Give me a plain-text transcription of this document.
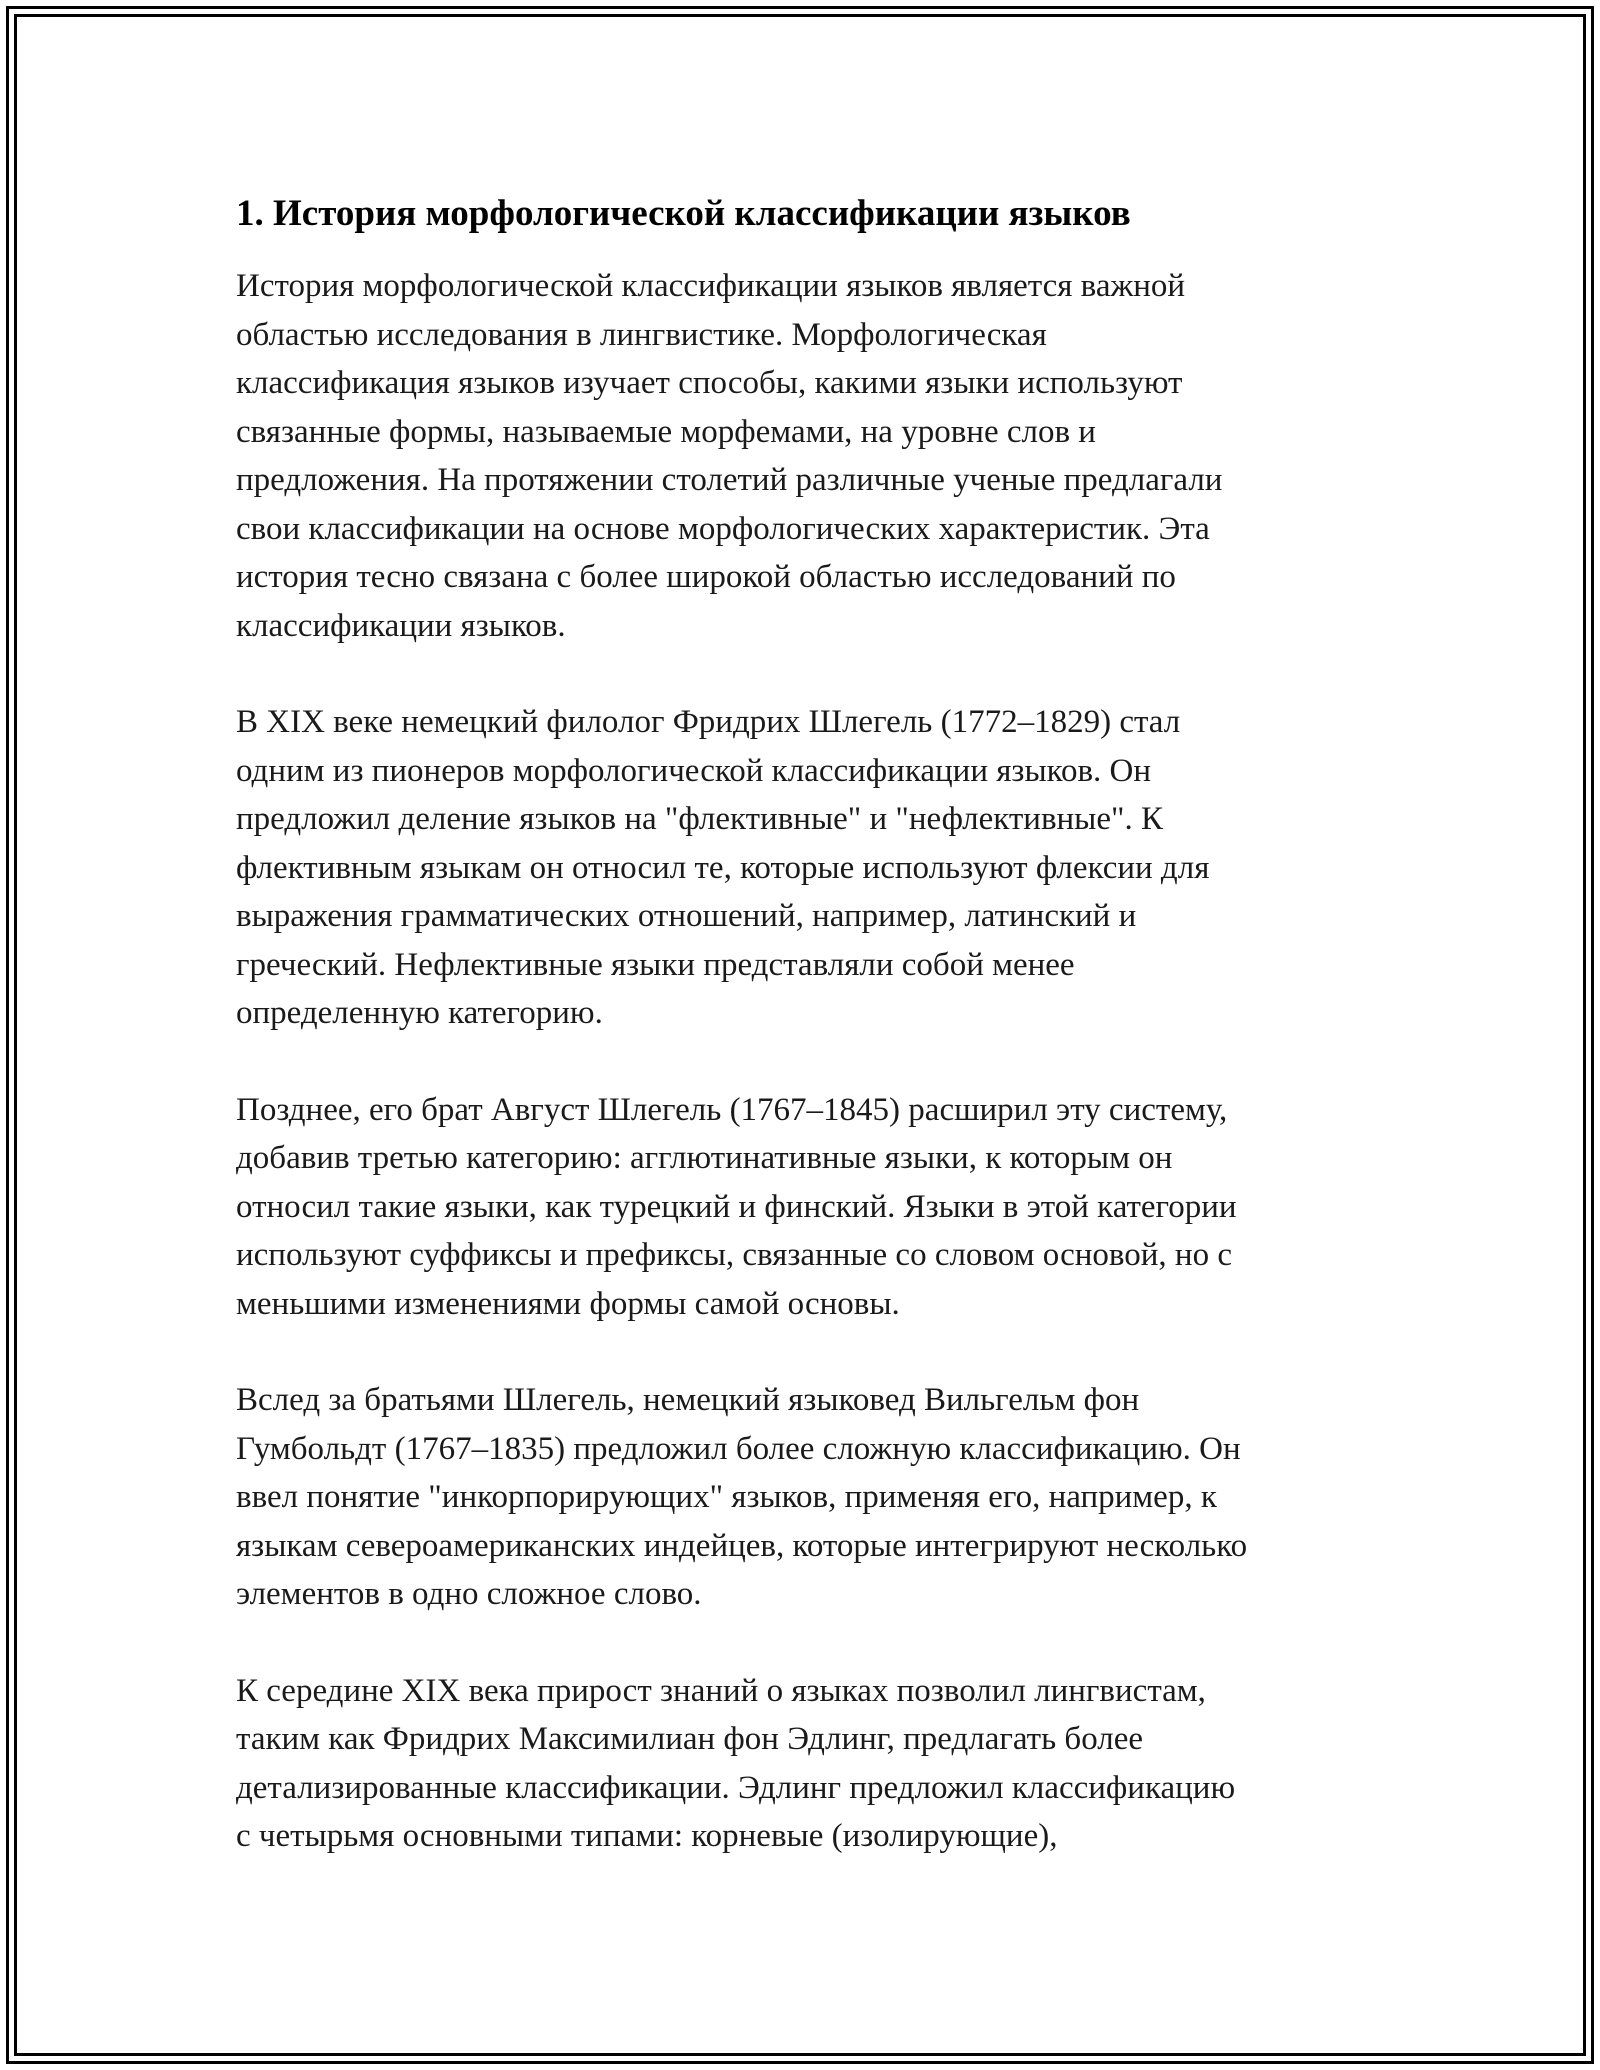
1. История морфологической классификации языков

История морфологической классификации языков является важной
областью исследования в лингвистике. Морфологическая
классификация языков изучает способы, какими языки используют
связанные формы, называемые морфемами, на уровне слов и
предложения. На протяжении столетий различные ученые предлагали
свои классификации на основе морфологических характеристик. Эта
история тесно связана с более широкой областью исследований по
классификации языков.

В XIX веке немецкий филолог Фридрих Шлегель (1772–1829) стал
одним из пионеров морфологической классификации языков. Он
предложил деление языков на "флективные" и "нефлективные". К
флективным языкам он относил те, которые используют флексии для
выражения грамматических отношений, например, латинский и
греческий. Нефлективные языки представляли собой менее
определенную категорию.

Позднее, его брат Август Шлегель (1767–1845) расширил эту систему,
добавив третью категорию: агглютинативные языки, к которым он
относил такие языки, как турецкий и финский. Языки в этой категории
используют суффиксы и префиксы, связанные со словом основой, но с
меньшими изменениями формы самой основы.

Вслед за братьями Шлегель, немецкий языковед Вильгельм фон
Гумбольдт (1767–1835) предложил более сложную классификацию. Он
ввел понятие "инкорпорирующих" языков, применяя его, например, к
языкам североамериканских индейцев, которые интегрируют несколько
элементов в одно сложное слово.

К середине XIX века прирост знаний о языках позволил лингвистам,
таким как Фридрих Максимилиан фон Эдлинг, предлагать более
детализированные классификации. Эдлинг предложил классификацию
с четырьмя основными типами: корневые (изолирующие),
